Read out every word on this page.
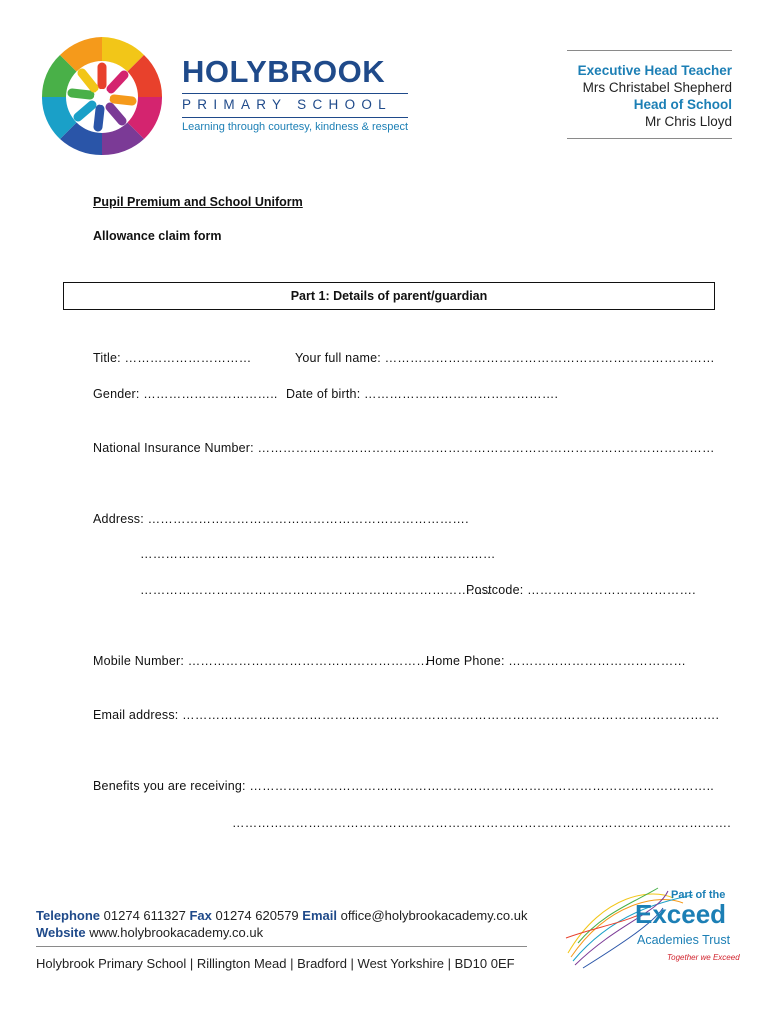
HOLYBROOK
PRIMARY SCHOOL
Learning through courtesy, kindness & respect
Executive Head Teacher
Mrs Christabel Shepherd
Head of School
Mr Chris Lloyd
Pupil Premium and School Uniform
Allowance claim form
Part 1: Details of parent/guardian
Title: …………………………	Your full name: ……………………………………………………………………
Gender: ………………………….. Date of birth: ……………………………………….
National Insurance Number: ………………………………………………………………………………………………
Address: ………………………………………………………………….
…………………………………………………………………………
………………………………………………………………………..
Postcode: ………………………………….
Mobile Number: …………………………………………………
Home Phone: ……………………………………
Email address: ……………………………………………………………………………………………………………….
Benefits you are receiving: ………………………………………………………………………………………………..
……………………………………………………………………………………………………….
Telephone 01274 611327 Fax 01274 620579 Email office@holybrookacademy.co.uk
Website www.holybrookacademy.co.uk
Holybrook Primary School | Rillington Mead | Bradford | West Yorkshire | BD10 0EF
Part of the
Exceed
Academies Trust
Together we Exceed
